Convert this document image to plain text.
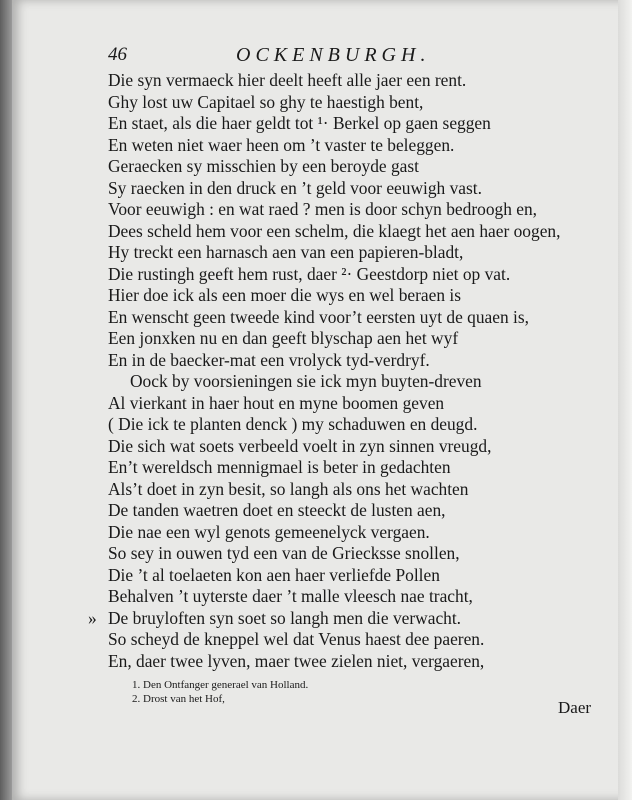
46	OCKENBURGH.
Die syn vermaeck hier deelt heeft alle jaer een rent.
Ghy lost uw Capitael so ghy te haestigh bent,
En staet, als die haer geldt tot ¹· Berkel op gaen seggen
En weten niet waer heen om ’t vaster te beleggen.
Geraecken sy misschien by een beroyde gast
Sy raecken in den druck en ’t geld voor eeuwigh vast.
Voor eeuwigh : en wat raed ? men is door schyn bedroogh en,
Dees scheld hem voor een schelm, die klaegt het aen haer oogen,
Hy treckt een harnasch aen van een papieren-bladt,
Die rustingh geeft hem rust, daer ²· Geestdorp niet op vat.
Hier doe ick als een moer die wys en wel beraen is
En wenscht geen tweede kind voor’t eersten uyt de quaen is,
Een jonxken nu en dan geeft blyschap aen het wyf
En in de baecker-mat een vrolyck tyd-verdryf.
Oock by voorsieningen sie ick myn buyten-dreven
Al vierkant in haer hout en myne boomen geven
( Die ick te planten denck ) my schaduwen en deugd.
Die sich wat soets verbeeld voelt in zyn sinnen vreugd,
En’t wereldsch mennigmael is beter in gedachten
Als’t doet in zyn besit, so langh als ons het wachten
De tanden waetren doet en steeckt de lusten aen,
Die nae een wyl genots gemeenelyck vergaen.
So sey in ouwen tyd een van de Griecksse snollen,
Die ’t al toelaeten kon aen haer verliefde Pollen
Behalven ’t uyterste daer ’t malle vleesch nae tracht,
» De bruyloften syn soet so langh men die verwacht.
So scheyd de kneppel wel dat Venus haest dee paeren.
En, daer twee lyven, maer twee zielen niet, vergaeren,
1. Den Ontfanger generael van Holland.
2. Drost van het Hof,	Daer
